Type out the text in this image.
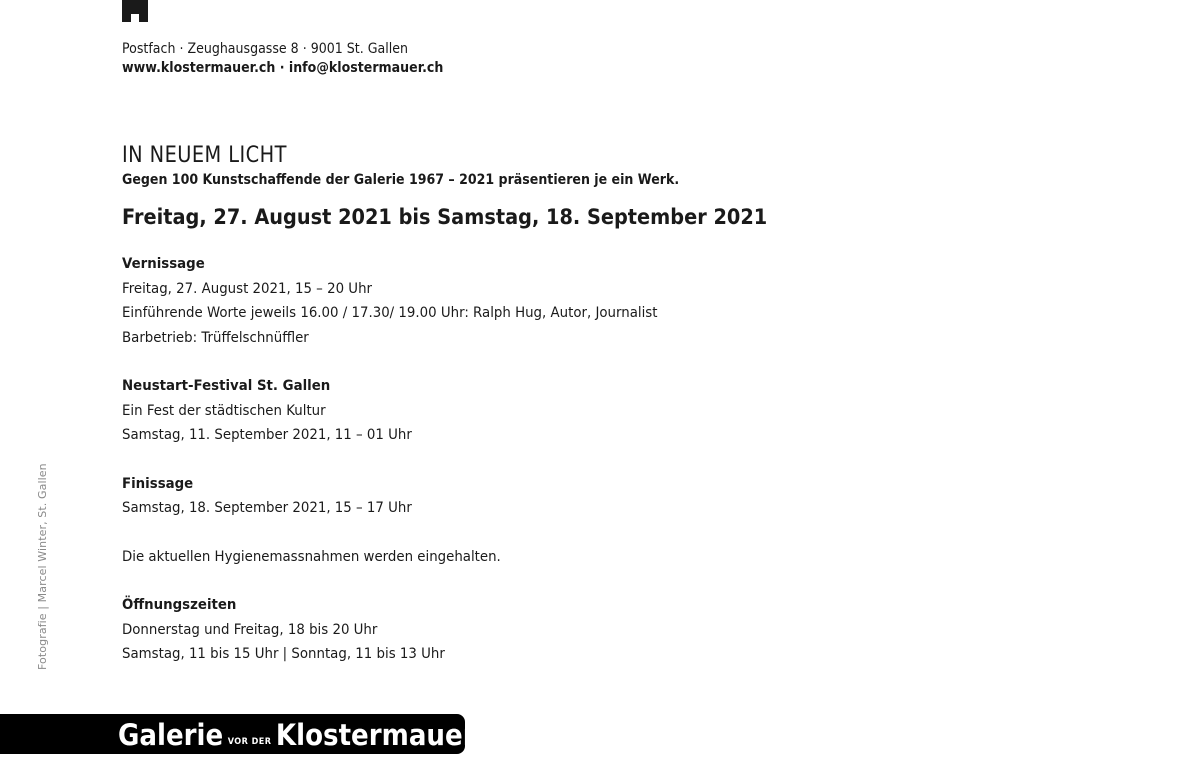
Postfach · Zeughausgasse 8 · 9001 St. Gallen
www.klostermauer.ch · info@klostermauer.ch
IN NEUEM LICHT
Gegen 100 Kunstschaffende der Galerie 1967 – 2021 präsentieren je ein Werk.
Freitag, 27. August 2021 bis Samstag, 18. September 2021
Vernissage
Freitag, 27. August 2021, 15 – 20 Uhr
Einführende Worte jeweils 16.00 / 17.30/ 19.00 Uhr: Ralph Hug, Autor, Journalist
Barbetrieb: Trüffelschnüffler
Neustart-Festival St. Gallen
Ein Fest der städtischen Kultur
Samstag, 11. September 2021, 11 – 01 Uhr
Finissage
Samstag, 18. September 2021, 15 – 17 Uhr
Die aktuellen Hygienemassnahmen werden eingehalten.
Öffnungszeiten
Donnerstag und Freitag, 18 bis 20 Uhr
Samstag, 11 bis 15 Uhr | Sonntag, 11 bis 13 Uhr
Fotografie | Marcel Winter, St. Gallen
Galerie VOR DER Klostermauer
